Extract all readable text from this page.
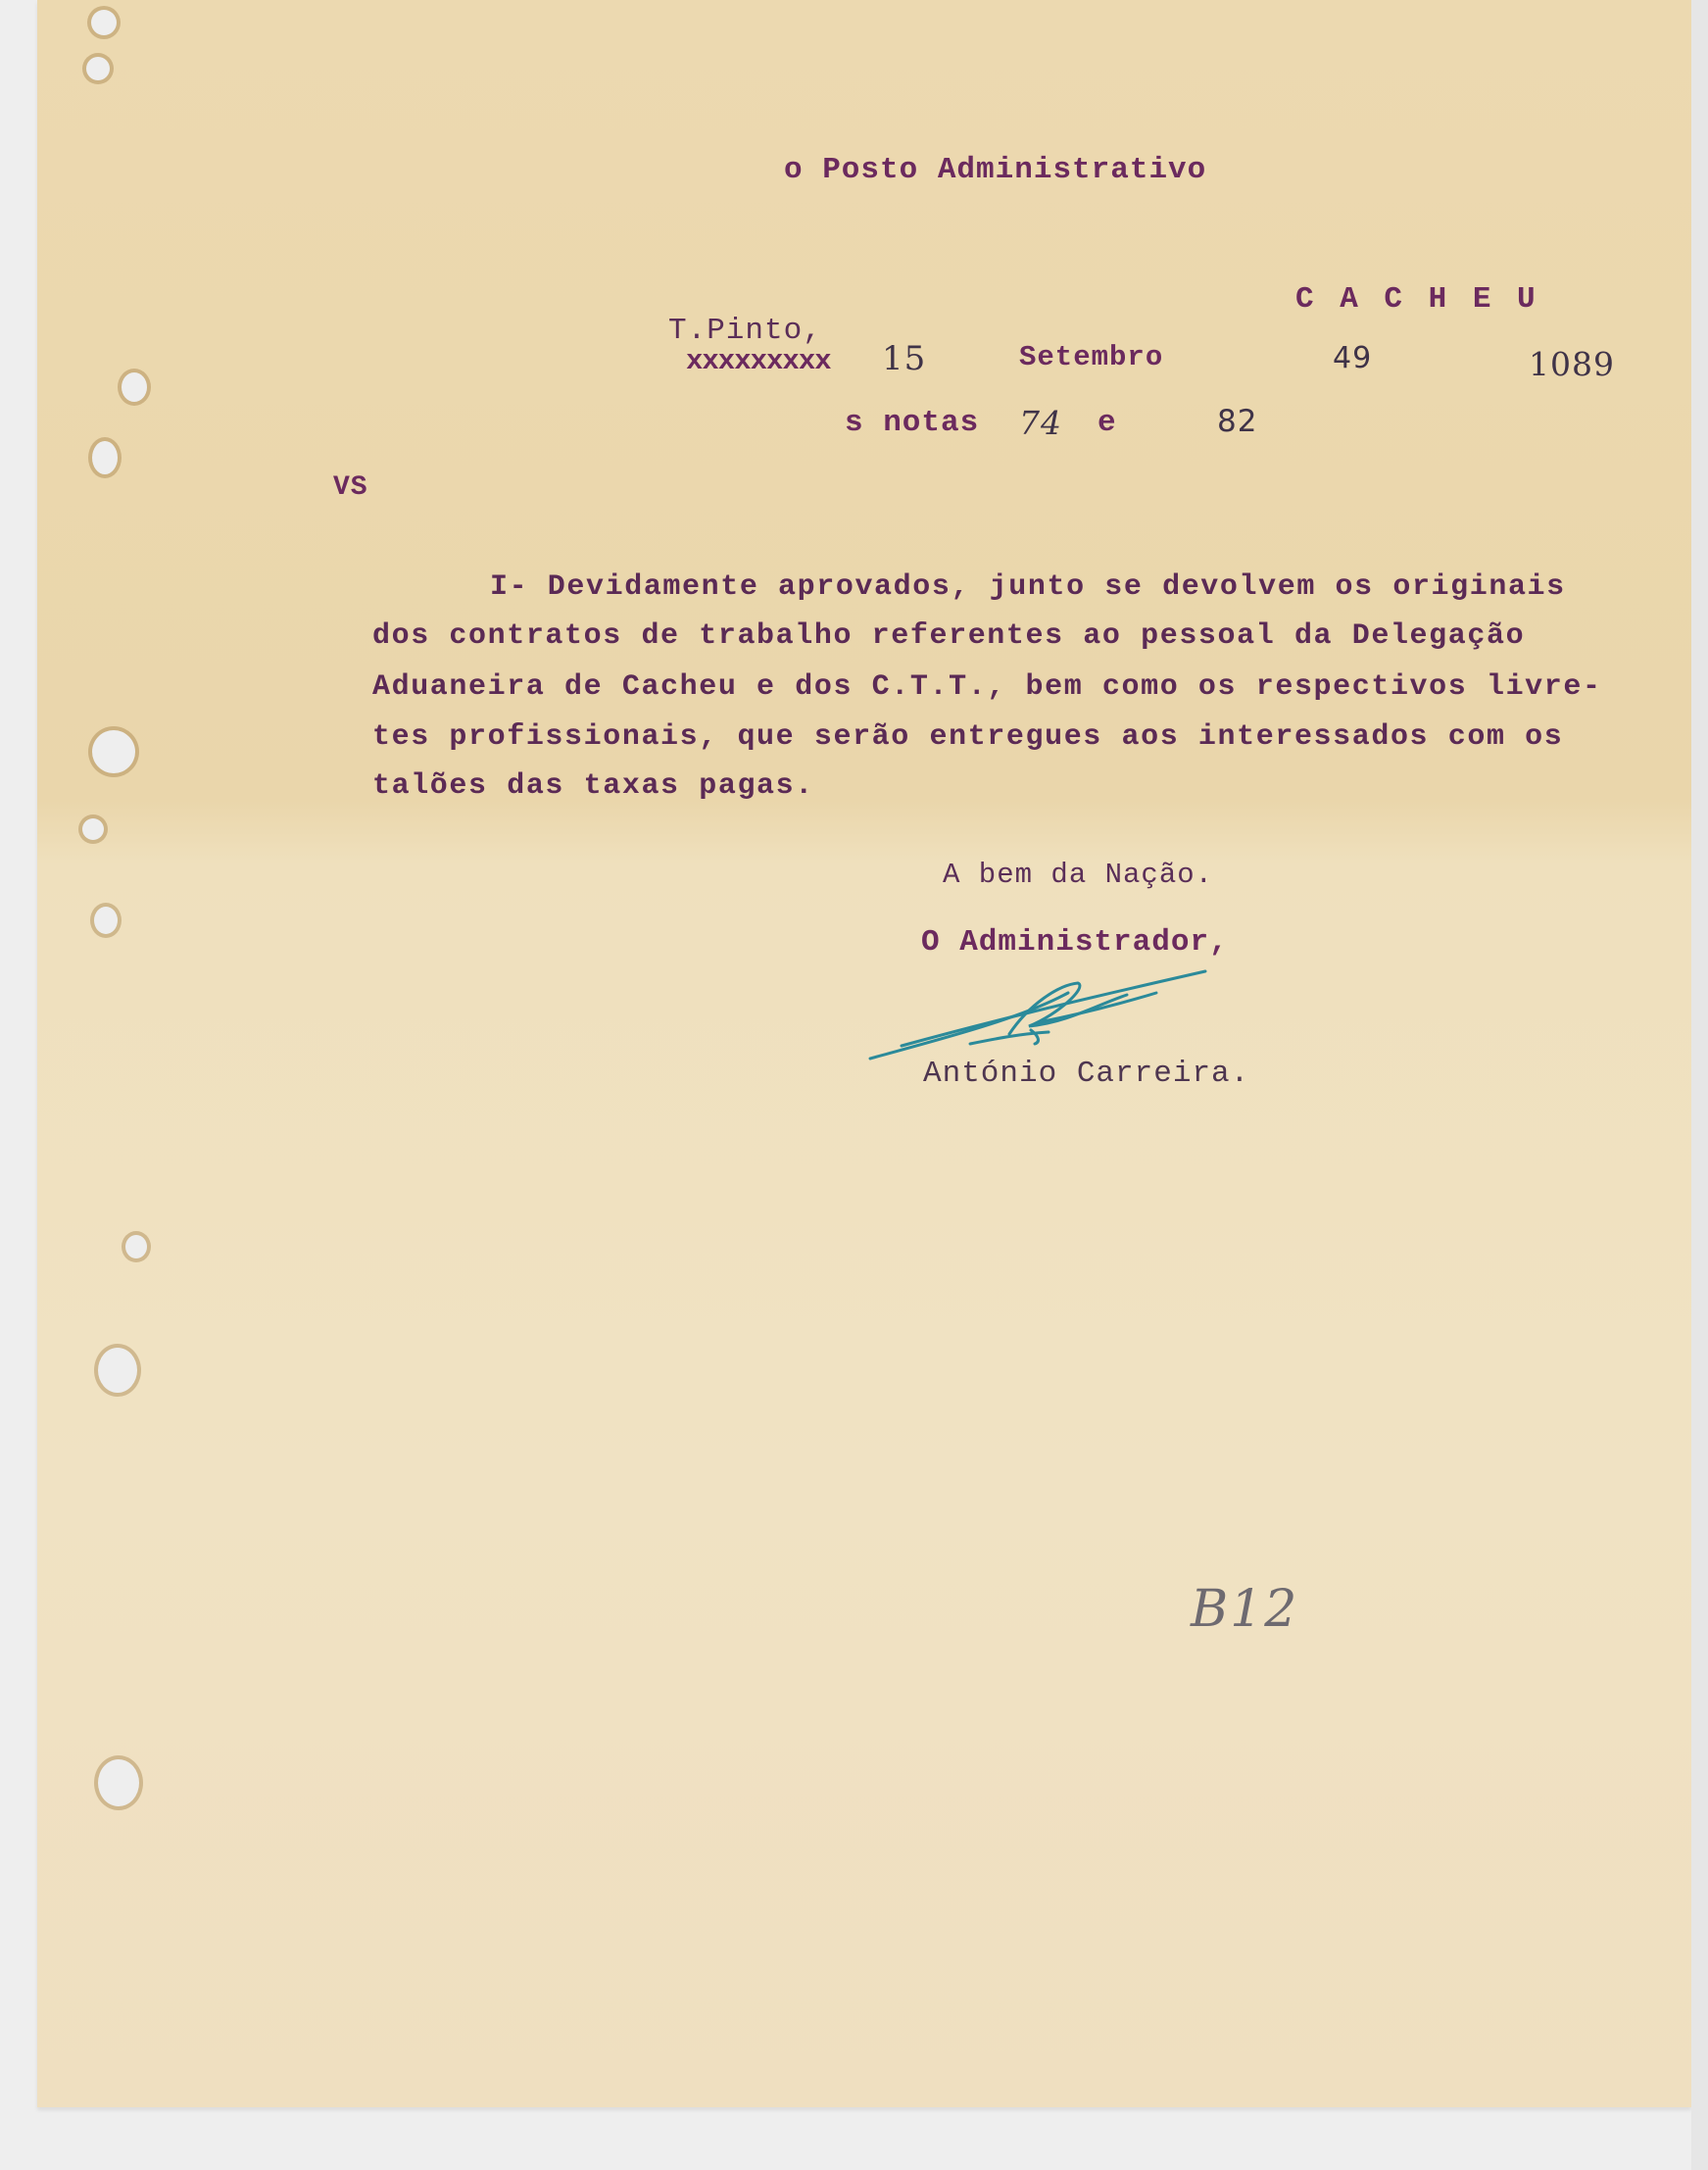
o Posto Administrativo
C A C H E U
T.Pinto,
xxxxxxxxx 15	Setembro	49	1089
s notas 74 e	82
VS
I- Devidamente aprovados, junto se devolvem os originais
dos contratos de trabalho referentes ao pessoal da Delegação
Aduaneira de Cacheu e dos C.T.T., bem como os respectivos livre-
tes profissionais, que serão entregues aos interessados com os
talões das taxas pagas.
A bem da Nação.
O Administrador,
António Carreira.
B12
